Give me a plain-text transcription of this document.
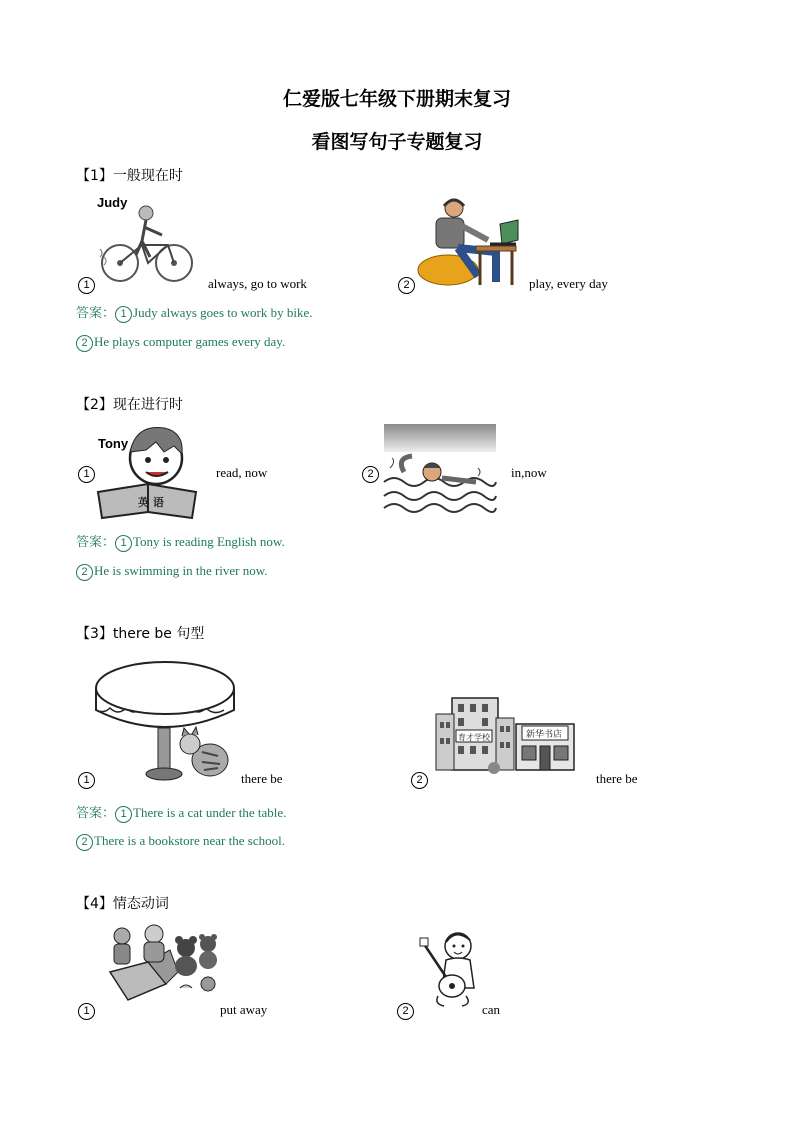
仁爱版七年级下册期末复习
看图写句子专题复习
【1】一般现在时
Judy
1	always, go to work	2	play, every day
答案： 1 Judy always goes to work by bike.
2 He plays computer games every day.
【2】现在进行时
Tony
英 语
1	read, now	2	in,now
答案： 1 Tony is reading English now.
2 He is swimming in the river now.
【3】there be 句型
1	there be
育才学校	新华书店
2	there be
答案： 1 There is a cat under the table.
2 There is a bookstore near the school.
【4】情态动词
1	put away	2	can
